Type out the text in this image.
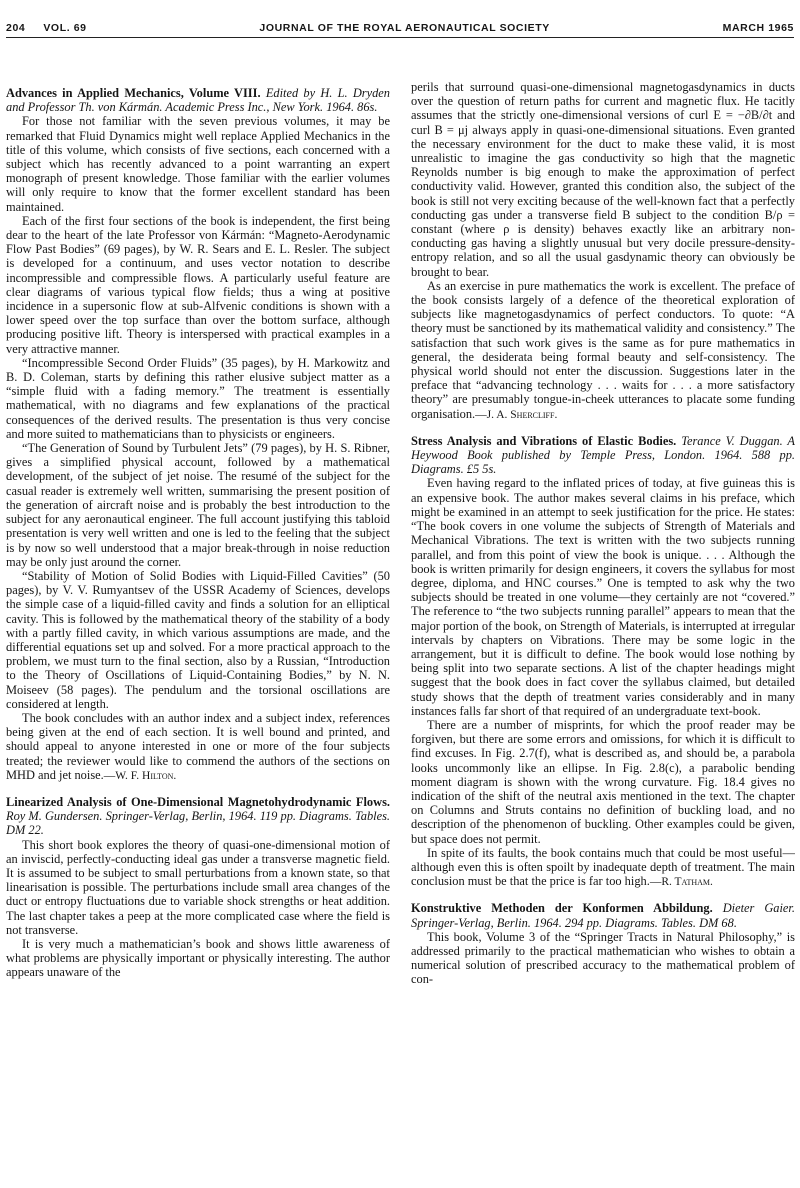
204 VOL. 69	JOURNAL OF THE ROYAL AERONAUTICAL SOCIETY	MARCH 1965

Advances in Applied Mechanics, Volume VIII. Edited by H. L. Dryden and Professor Th. von Kármán. Academic Press Inc., New York. 1964. 86s.

For those not familiar with the seven previous volumes, it may be remarked that Fluid Dynamics might well replace Applied Mechanics in the title of this volume, which consists of five sections, each concerned with a subject which has recently advanced to a point warranting an expert monograph of present knowledge. Those familiar with the earlier volumes will only require to know that the former excellent standard has been maintained.

Each of the first four sections of the book is independent, the first being dear to the heart of the late Professor von Kármán: “Magneto-Aerodynamic Flow Past Bodies” (69 pages), by W. R. Sears and E. L. Resler. The subject is developed for a continuum, and uses vector notation to describe incompressible and compressible flows. A particularly useful feature are clear diagrams of various typical flow fields; thus a wing at positive incidence in a supersonic flow at sub-Alfvenic conditions is shown with a lower speed over the top surface than over the bottom surface, although producing positive lift. Theory is interspersed with practical examples in a very attractive manner.

“Incompressible Second Order Fluids” (35 pages), by H. Markowitz and B. D. Coleman, starts by defining this rather elusive subject matter as a “simple fluid with a fading memory.” The treatment is essentially mathematical, with no diagrams and few explanations of the practical consequences of the derived results. The presentation is thus very concise and more suited to mathematicians than to physicists or engineers.

“The Generation of Sound by Turbulent Jets” (79 pages), by H. S. Ribner, gives a simplified physical account, followed by a mathematical development, of the subject of jet noise. The resumé of the subject for the casual reader is extremely well written, summarising the present position of the generation of aircraft noise and is probably the best introduction to the subject for any aeronautical engineer. The full account justifying this tabloid presentation is very well written and one is led to the feeling that the subject is by now so well understood that a major break-through in noise reduction may be only just around the corner.

“Stability of Motion of Solid Bodies with Liquid-Filled Cavities” (50 pages), by V. V. Rumyantsev of the USSR Academy of Sciences, develops the simple case of a liquid-filled cavity and finds a solution for an elliptical cavity. This is followed by the mathematical theory of the stability of a body with a partly filled cavity, in which various assumptions are made, and the differential equations set up and solved. For a more practical approach to the problem, we must turn to the final section, also by a Russian, “Introduction to the Theory of Oscillations of Liquid-Containing Bodies,” by N. N. Moiseev (58 pages). The pendulum and the torsional oscillations are considered at length.

The book concludes with an author index and a subject index, references being given at the end of each section. It is well bound and printed, and should appeal to anyone interested in one or more of the four subjects treated; the reviewer would like to commend the authors of the sections on MHD and jet noise.—W. F. Hilton.

Linearized Analysis of One-Dimensional Magnetohydrodynamic Flows. Roy M. Gundersen. Springer-Verlag, Berlin, 1964. 119 pp. Diagrams. Tables. DM 22.

This short book explores the theory of quasi-one-dimensional motion of an inviscid, perfectly-conducting ideal gas under a transverse magnetic field. It is assumed to be subject to small perturbations from a known state, so that linearisation is possible. The perturbations include small area changes of the duct or entropy fluctuations due to variable shock strengths or heat addition. The last chapter takes a peep at the more complicated case where the field is not transverse.

It is very much a mathematician’s book and shows little awareness of what problems are physically important or physically interesting. The author appears unaware of the

perils that surround quasi-one-dimensional magnetogasdynamics in ducts over the question of return paths for current and magnetic flux. He tacitly assumes that the strictly one-dimensional versions of curl E = −∂B/∂t and curl B = μj always apply in quasi-one-dimensional situations. Even granted the necessary environment for the duct to make these valid, it is most unrealistic to imagine the gas conductivity so high that the magnetic Reynolds number is big enough to make the approximation of perfect conductivity valid. However, granted this condition also, the subject of the book is still not very exciting because of the well-known fact that a perfectly conducting gas under a transverse field B subject to the condition B/ρ = constant (where ρ is density) behaves exactly like an arbitrary non-conducting gas having a slightly unusual but very docile pressure-density-entropy relation, and so all the usual gasdynamic theory can obviously be brought to bear.

As an exercise in pure mathematics the work is excellent. The preface of the book consists largely of a defence of the theoretical exploration of subjects like magnetogasdynamics of perfect conductors. To quote: “A theory must be sanctioned by its mathematical validity and consistency.” The satisfaction that such work gives is the same as for pure mathematics in general, the desiderata being formal beauty and self-consistency. The physical world should not enter the discussion. Suggestions later in the preface that “advancing technology . . . waits for . . . a more satisfactory theory” are presumably tongue-in-cheek utterances to placate some funding organisation.—J. A. Shercliff.

Stress Analysis and Vibrations of Elastic Bodies. Terance V. Duggan. A Heywood Book published by Temple Press, London. 1964. 588 pp. Diagrams. £5 5s.

Even having regard to the inflated prices of today, at five guineas this is an expensive book. The author makes several claims in his preface, which might be examined in an attempt to seek justification for the price. He states: “The book covers in one volume the subjects of Strength of Materials and Mechanical Vibrations. The text is written with the two subjects running parallel, and from this point of view the book is unique. . . . Although the book is written primarily for design engineers, it covers the syllabus for most degree, diploma, and HNC courses.” One is tempted to ask why the two subjects should be treated in one volume—they certainly are not “covered.” The reference to “the two subjects running parallel” appears to mean that the major portion of the book, on Strength of Materials, is interrupted at irregular intervals by chapters on Vibrations. There may be some logic in the arrangement, but it is difficult to define. The book would lose nothing by being split into two separate sections. A list of the chapter headings might suggest that the book does in fact cover the syllabus claimed, but detailed study shows that the depth of treatment varies considerably and in many instances falls far short of that required of an undergraduate text-book.

There are a number of misprints, for which the proof reader may be forgiven, but there are some errors and omissions, for which it is difficult to find excuses. In Fig. 2.7(f), what is described as, and should be, a parabola looks uncommonly like an ellipse. In Fig. 2.8(c), a parabolic bending moment diagram is shown with the wrong curvature. Fig. 18.4 gives no indication of the shift of the neutral axis mentioned in the text. The chapter on Columns and Struts contains no definition of buckling load, and no description of the phenomenon of buckling. Other examples could be given, but space does not permit.

In spite of its faults, the book contains much that could be most useful—although even this is often spoilt by inadequate depth of treatment. The main conclusion must be that the price is far too high.—R. Tatham.

Konstruktive Methoden der Konformen Abbildung. Dieter Gaier. Springer-Verlag, Berlin. 1964. 294 pp. Diagrams. Tables. DM 68.

This book, Volume 3 of the “Springer Tracts in Natural Philosophy,” is addressed primarily to the practical mathematician who wishes to obtain a numerical solution of prescribed accuracy to the mathematical problem of con-
